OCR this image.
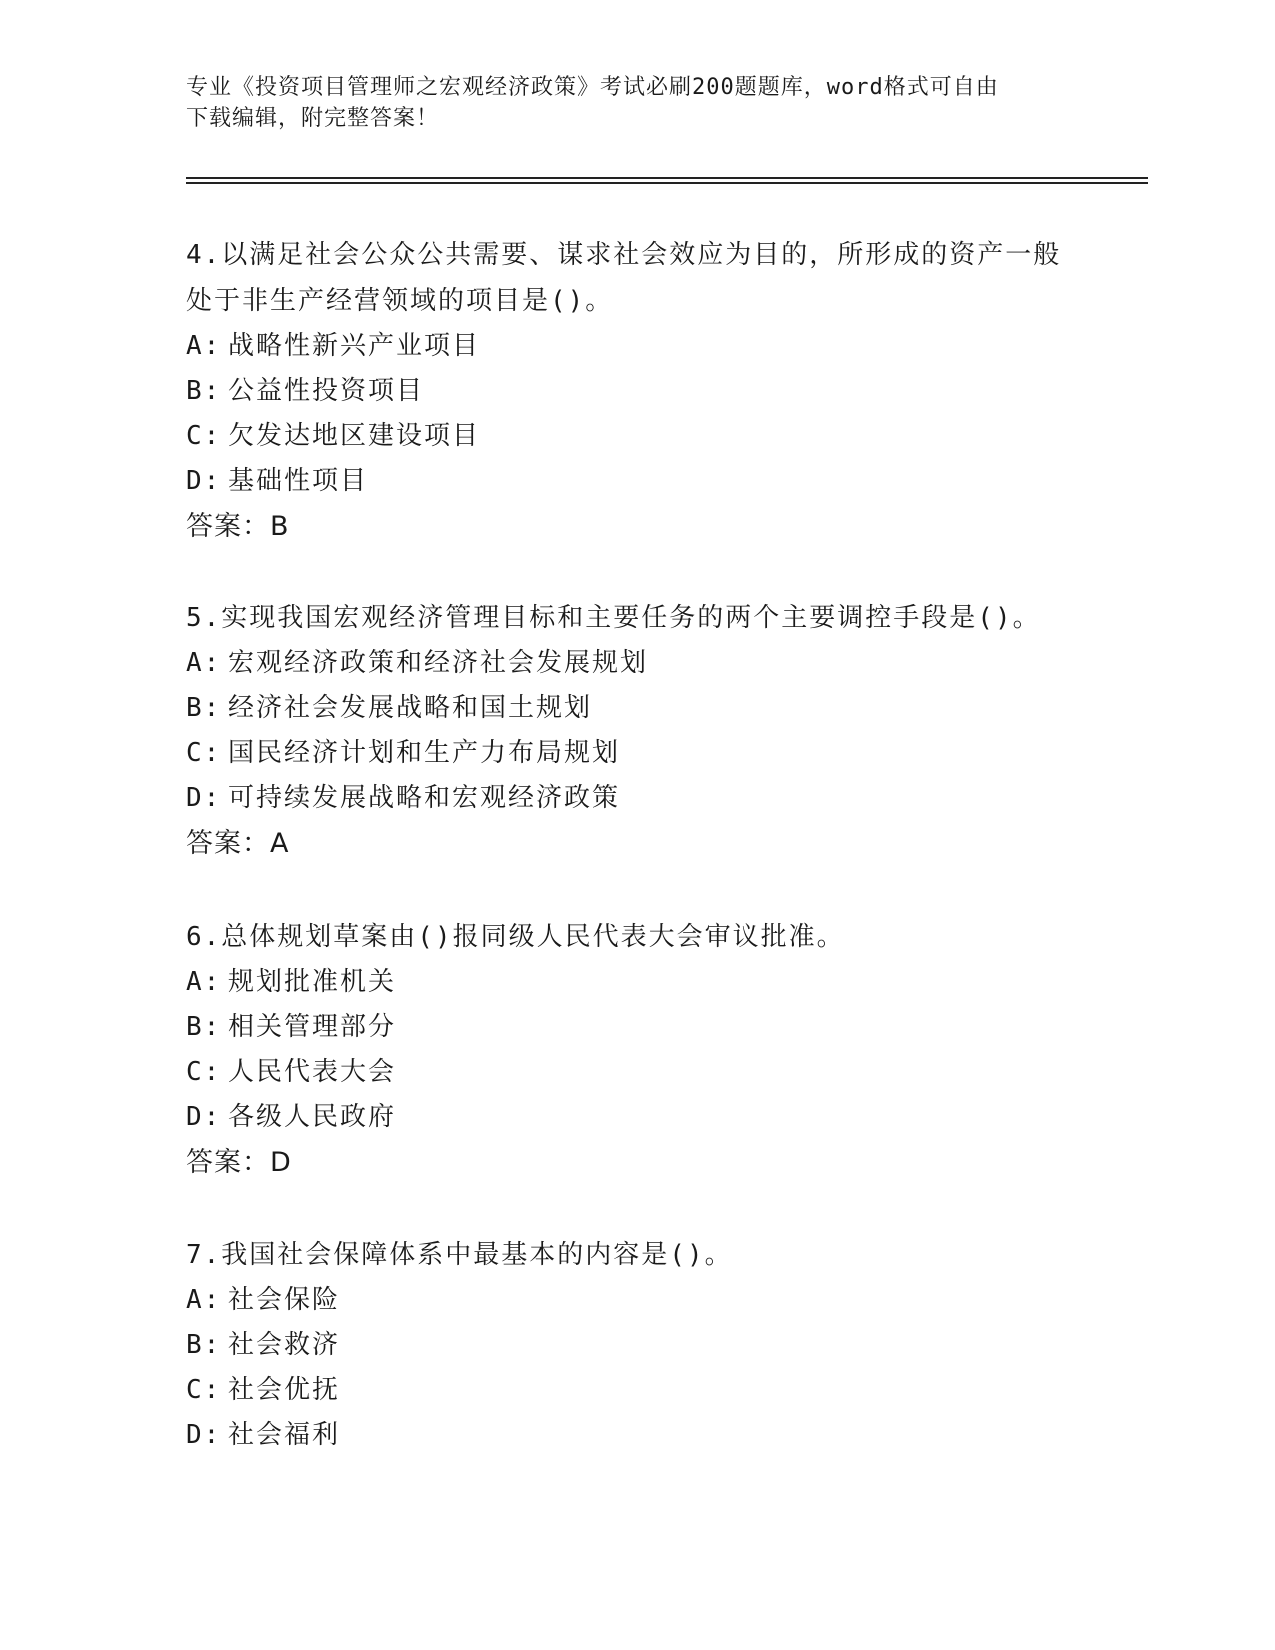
专业《投资项目管理师之宏观经济政策》考试必刷200题题库，word格式可自由
下载编辑，附完整答案！

4.以满足社会公众公共需要、谋求社会效应为目的，所形成的资产一般处于非生产经营领域的项目是()。

A: 战略性新兴产业项目
B: 公益性投资项目
C: 欠发达地区建设项目
D: 基础性项目
答案：B

5.实现我国宏观经济管理目标和主要任务的两个主要调控手段是()。

A: 宏观经济政策和经济社会发展规划
B: 经济社会发展战略和国土规划
C: 国民经济计划和生产力布局规划
D: 可持续发展战略和宏观经济政策
答案：A

6.总体规划草案由()报同级人民代表大会审议批准。

A: 规划批准机关
B: 相关管理部分
C: 人民代表大会
D: 各级人民政府
答案：D

7.我国社会保障体系中最基本的内容是()。

A: 社会保险
B: 社会救济
C: 社会优抚
D: 社会福利
